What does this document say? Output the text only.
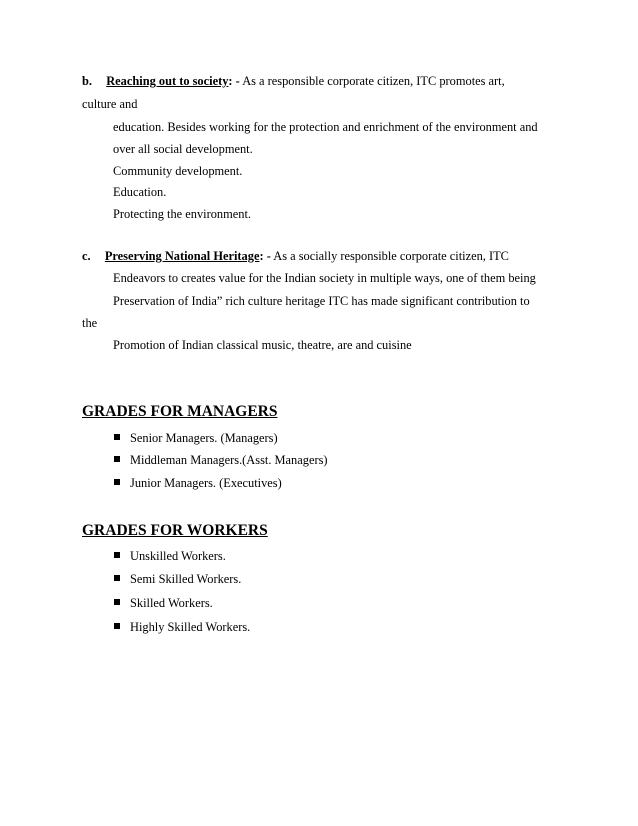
b. Reaching out to society: - As a responsible corporate citizen, ITC promotes art,
culture and
education. Besides working for the protection and enrichment of the environment and
over all social development.
Community development.
Education.
Protecting the environment.
c. Preserving National Heritage: - As a socially responsible corporate citizen, ITC
Endeavors to creates value for the Indian society in multiple ways, one of them being
Preservation of India” rich culture heritage ITC has made significant contribution to
the
Promotion of Indian classical music, theatre, are and cuisine
GRADES FOR MANAGERS
Senior Managers. (Managers)
Middleman Managers.(Asst. Managers)
Junior Managers. (Executives)
GRADES FOR WORKERS
Unskilled Workers.
Semi Skilled Workers.
Skilled Workers.
Highly Skilled Workers.
